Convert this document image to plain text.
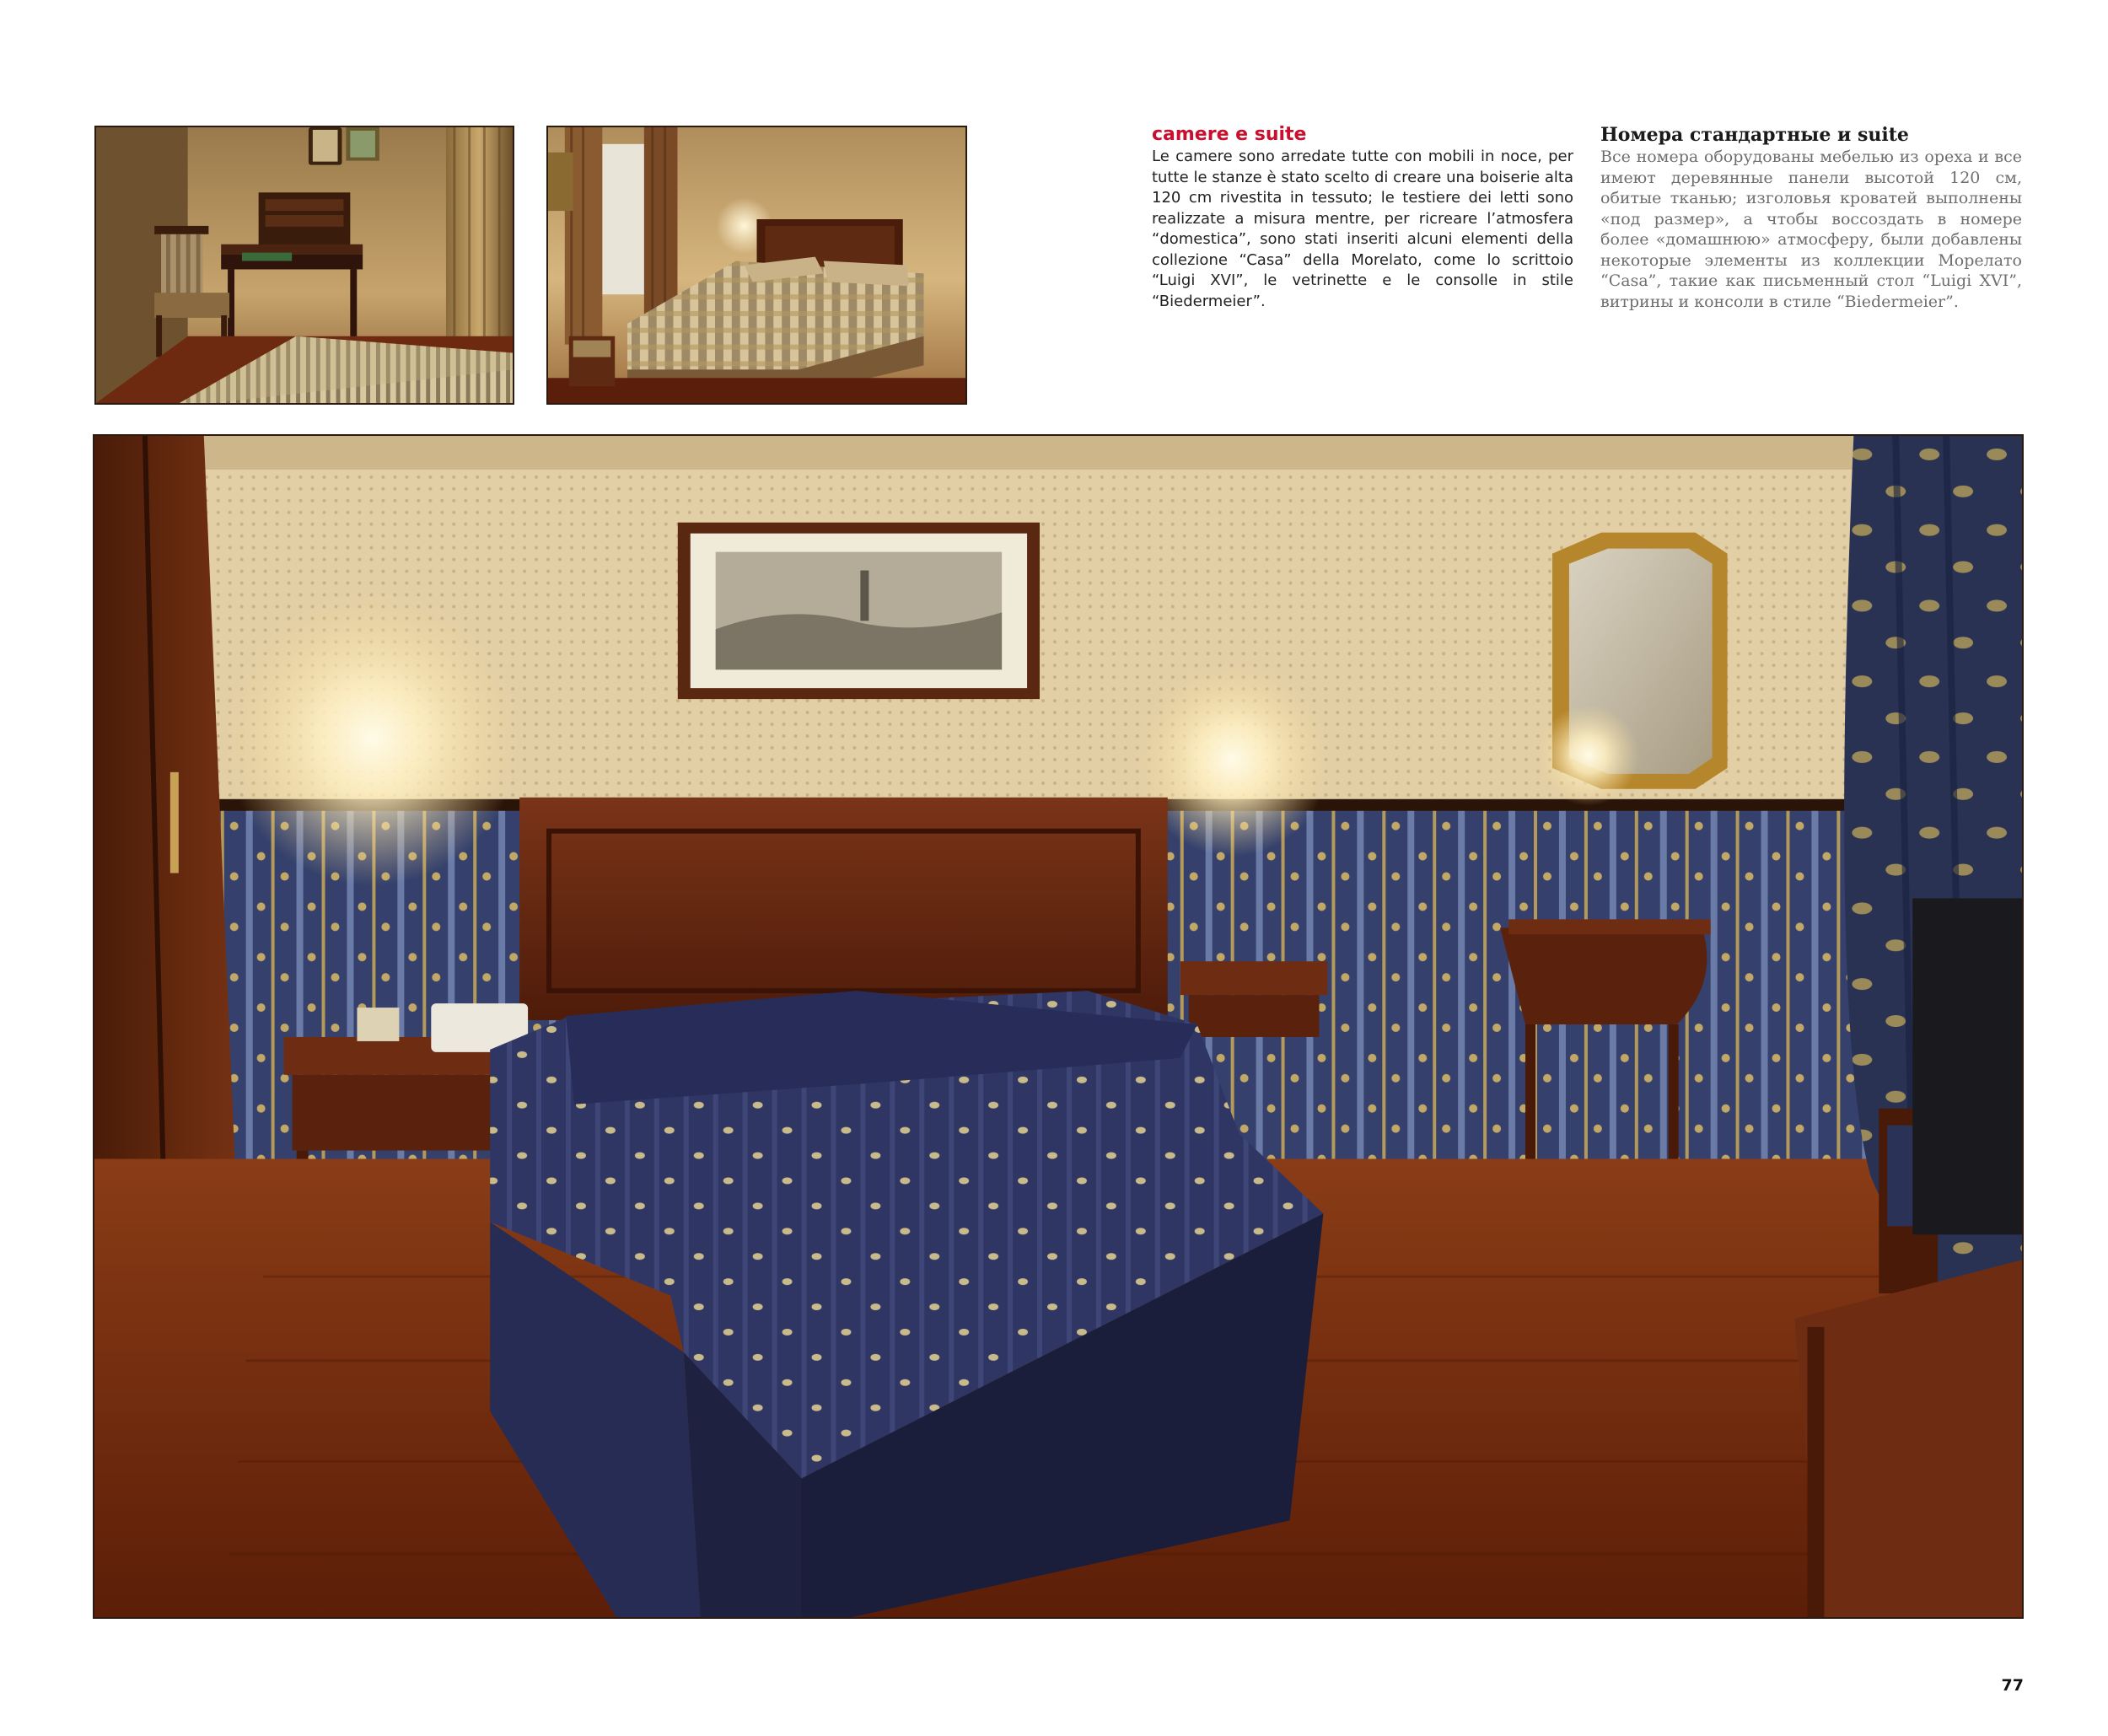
camere e suite

Le camere sono arredate tutte con mobili in noce, per tutte le stanze è stato scelto di creare una boiserie alta 120 cm rivestita in tessuto; le testiere dei letti sono realizzate a misura mentre, per ricreare l’atmosfera “domestica”, sono stati inseriti alcuni elementi della collezione “Casa” della Morelato, come lo scrittoio “Luigi XVI”, le vetrinette e le consolle in stile “Biedermeier”.

Номера стандартные и suite

Все номера оборудованы мебелью из ореха и все имеют деревянные панели высотой 120 см, обитые тканью; изголовья кроватей выполнены «под размер», а чтобы воссоздать в номере более «домашнюю» атмосферу, были добавлены некоторые элементы из коллекции Морелато “Casa”, такие как письменный стол “Luigi XVI”, витрины и консоли в стиле “Biedermeier”.

77
